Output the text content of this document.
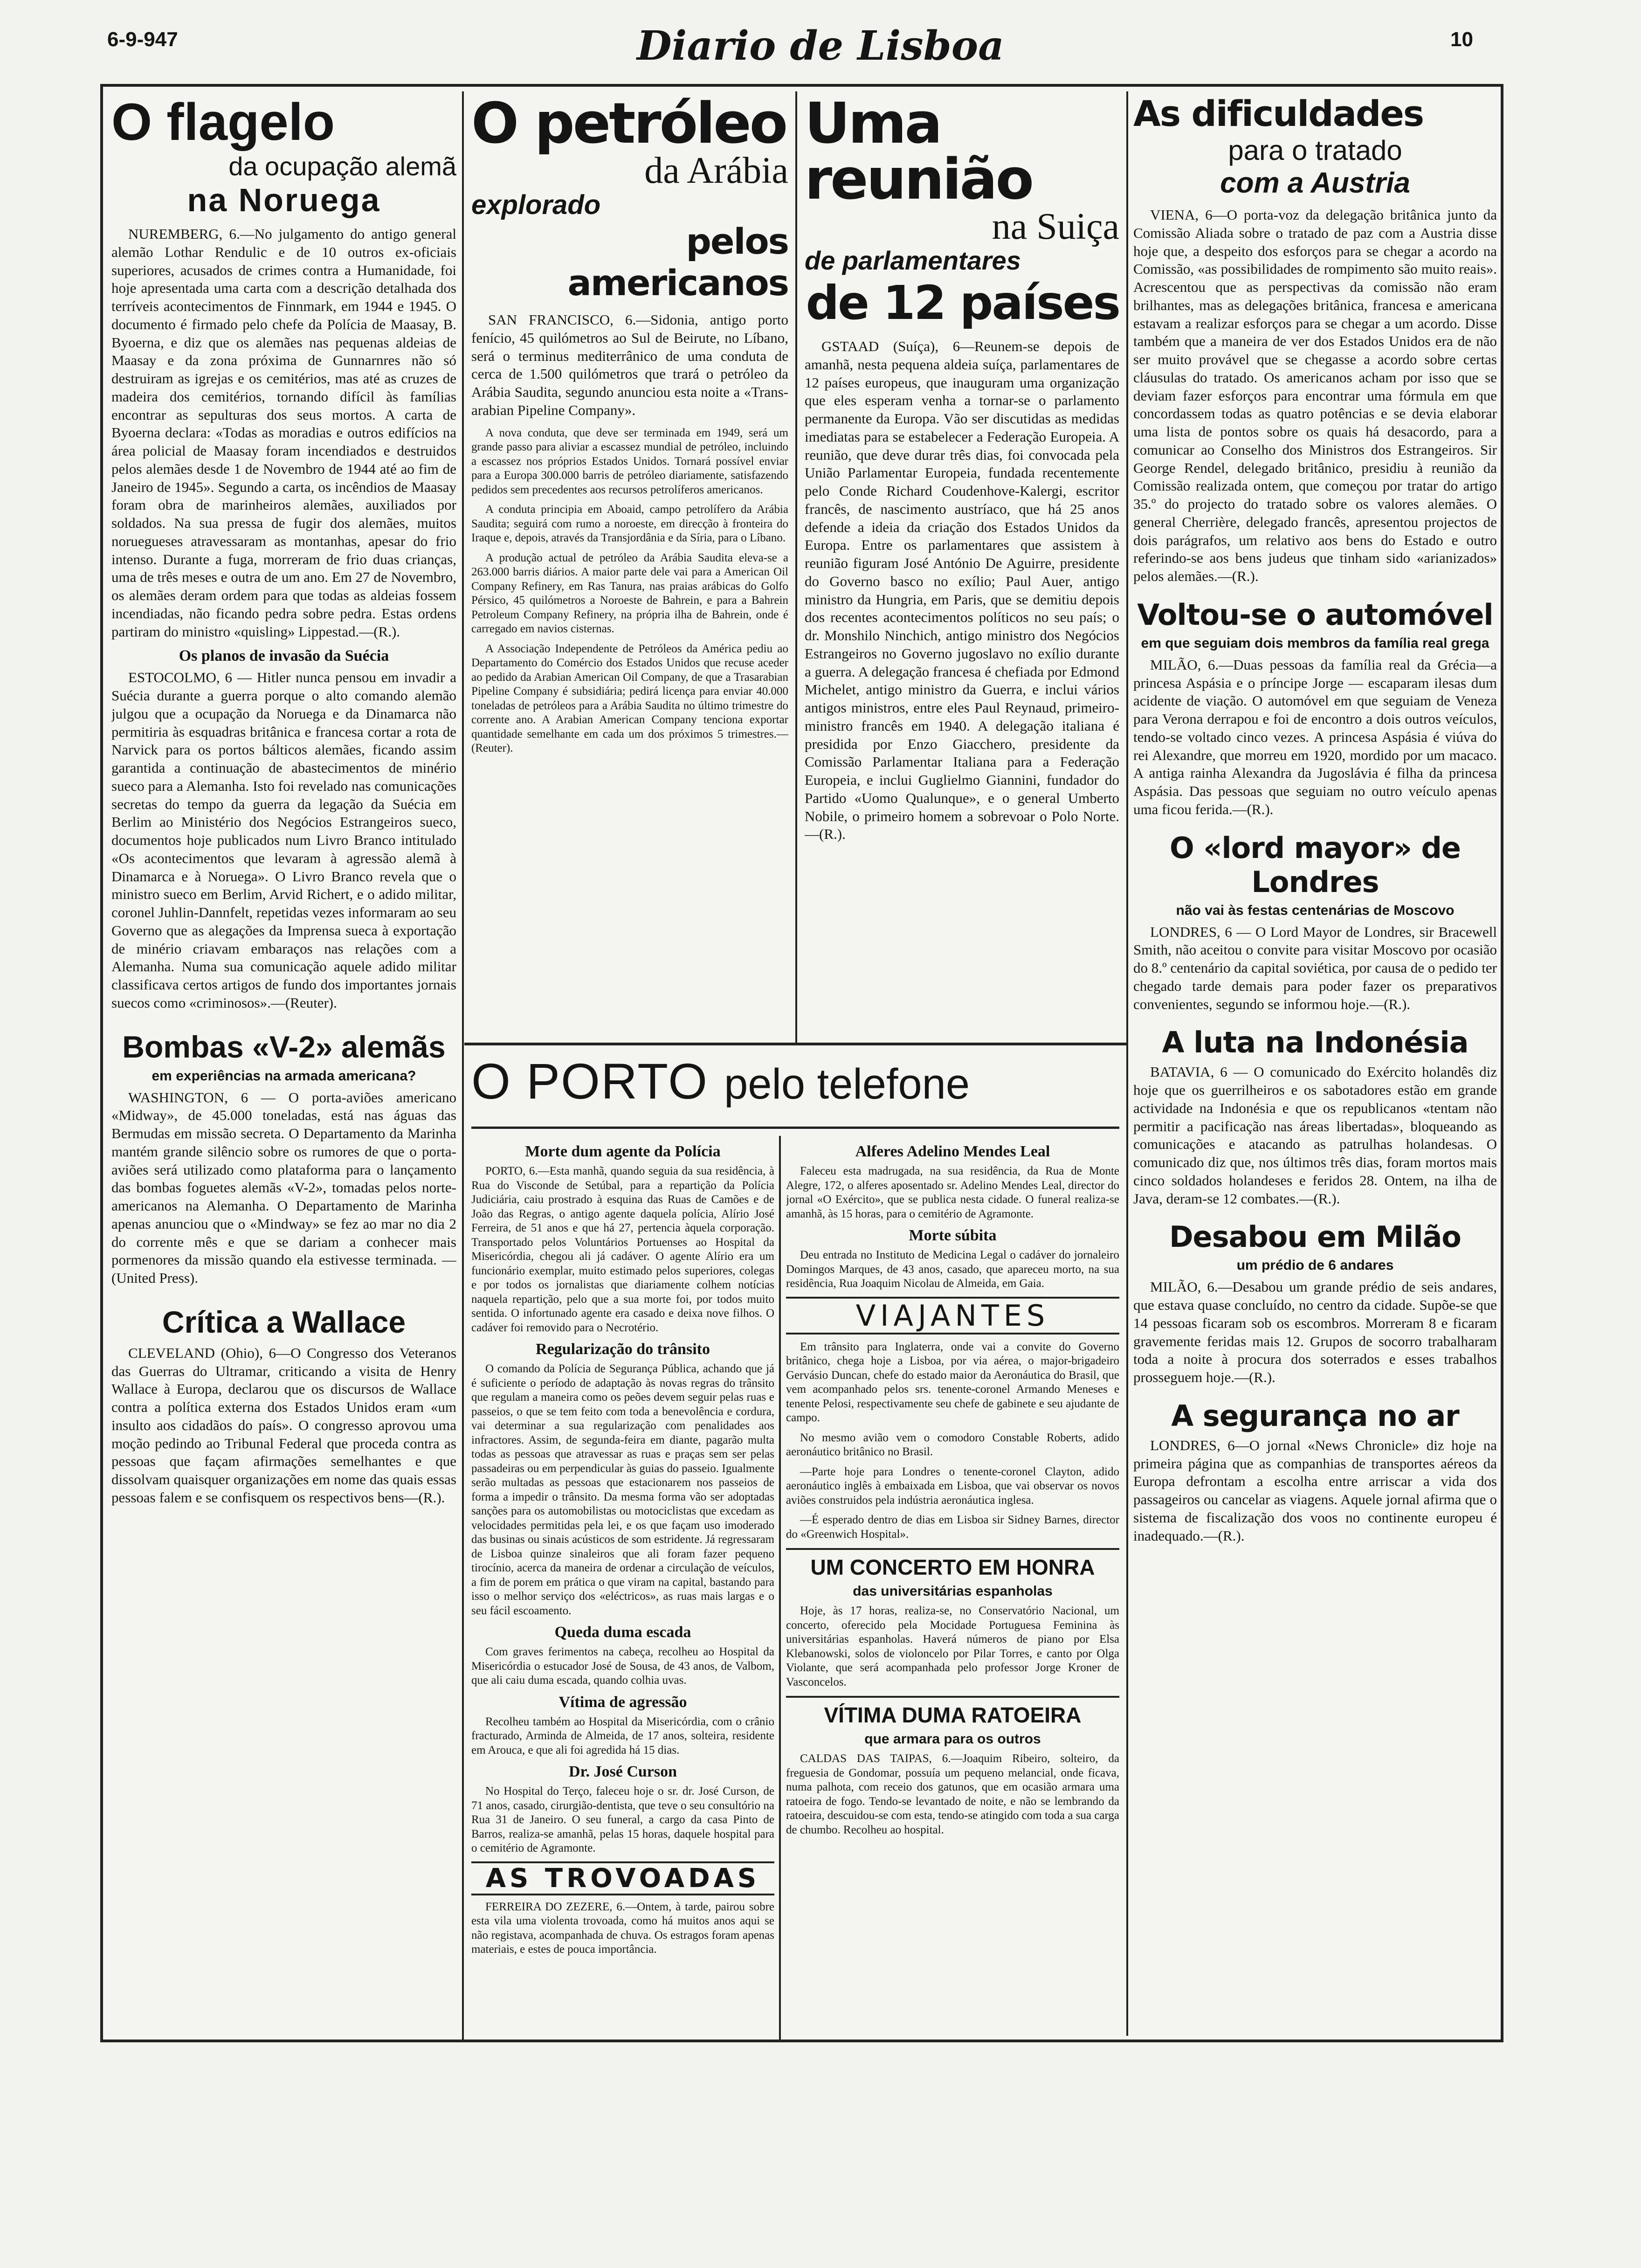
6-9-947	Diario de Lisboa	10
O flagelo
da ocupação alemã
na Noruega

NUREMBERG, 6.—No julgamento do antigo general alemão Lothar Rendulic e de 10 outros ex-oficiais superiores, acusados de crimes contra a Humanidade, foi hoje apresentada uma carta com a descrição detalhada dos terríveis acontecimentos de Finnmark, em 1944 e 1945. O documento é firmado pelo chefe da Polícia de Maasay, B. Byoerna, e diz que os alemães nas pequenas aldeias de Maasay e da zona próxima de Gunnarnres não só destruiram as igrejas e os cemitérios, mas até as cruzes de madeira dos cemitérios, tornando difícil às famílias encontrar as sepulturas dos seus mortos. A carta de Byoerna declara: «Todas as moradias e outros edifícios na área policial de Maasay foram incendiados e destruidos pelos alemães desde 1 de Novembro de 1944 até ao fim de Janeiro de 1945». Segundo a carta, os incêndios de Maasay foram obra de marinheiros alemães, auxiliados por soldados. Na sua pressa de fugir dos alemães, muitos noruegueses atravessaram as montanhas, apesar do frio intenso. Durante a fuga, morreram de frio duas crianças, uma de três meses e outra de um ano. Em 27 de Novembro, os alemães deram ordem para que todas as aldeias fossem incendiadas, não ficando pedra sobre pedra. Estas ordens partiram do ministro «quisling» Lippestad.—(R.).

Os planos de invasão da Suécia

ESTOCOLMO, 6 — Hitler nunca pensou em invadir a Suécia durante a guerra porque o alto comando alemão julgou que a ocupação da Noruega e da Dinamarca não permitiria às esquadras britânica e francesa cortar a rota de Narvick para os portos bálticos alemães, ficando assim garantida a continuação de abastecimentos de minério sueco para a Alemanha. Isto foi revelado nas comunicações secretas do tempo da guerra da legação da Suécia em Berlim ao Ministério dos Negócios Estrangeiros sueco, documentos hoje publicados num Livro Branco intitulado «Os acontecimentos que levaram à agressão alemã à Dinamarca e à Noruega». O Livro Branco revela que o ministro sueco em Berlim, Arvid Richert, e o adido militar, coronel Juhlin-Dannfelt, repetidas vezes informaram ao seu Governo que as alegações da Imprensa sueca à exportação de minério criavam embaraços nas relações com a Alemanha. Numa sua comunicação aquele adido militar classificava certos artigos de fundo dos importantes jornais suecos como «criminosos».—(Reuter).

Bombas «V-2» alemãs
em experiências na armada americana?

WASHINGTON, 6 — O porta-aviões americano «Midway», de 45.000 toneladas, está nas águas das Bermudas em missão secreta. O Departamento da Marinha mantém grande silêncio sobre os rumores de que o porta-aviões será utilizado como plataforma para o lançamento das bombas foguetes alemãs «V-2», tomadas pelos norte-americanos na Alemanha. O Departamento de Marinha apenas anunciou que o «Mindway» se fez ao mar no dia 2 do corrente mês e que se dariam a conhecer mais pormenores da missão quando ela estivesse terminada. — (United Press).

Crítica a Wallace

CLEVELAND (Ohio), 6—O Congresso dos Veteranos das Guerras do Ultramar, criticando a visita de Henry Wallace à Europa, declarou que os discursos de Wallace contra a política externa dos Estados Unidos eram «um insulto aos cidadãos do país». O congresso aprovou uma moção pedindo ao Tribunal Federal que proceda contra as pessoas que façam afirmações semelhantes e que dissolvam quaisquer organizações em nome das quais essas pessoas falem e se confisquem os respectivos bens—(R.).

O petróleo
da Arábia
explorado
pelos americanos

SAN FRANCISCO, 6.—Sidonia, antigo porto fenício, 45 quilómetros ao Sul de Beirute, no Líbano, será o terminus mediterrânico de uma conduta de cerca de 1.500 quilómetros que trará o petróleo da Arábia Saudita, segundo anunciou esta noite a «Trans-arabian Pipeline Company».

A nova conduta, que deve ser terminada em 1949, será um grande passo para aliviar a escassez mundial de petróleo, incluindo a escassez nos próprios Estados Unidos. Tornará possível enviar para a Europa 300.000 barris de petróleo diariamente, satisfazendo pedidos sem precedentes aos recursos petrolíferos americanos.

A conduta principia em Aboaid, campo petrolífero da Arábia Saudita; seguirá com rumo a noroeste, em direcção à fronteira do Iraque e, depois, através da Transjordânia e da Síria, para o Líbano.

A produção actual de petróleo da Arábia Saudita eleva-se a 263.000 barris diários. A maior parte dele vai para a American Oil Company Refinery, em Ras Tanura, nas praias arábicas do Golfo Pérsico, 45 quilómetros a Noroeste de Bahrein, e para a Bahrein Petroleum Company Refinery, na própria ilha de Bahrein, onde é carregado em navios cisternas.

A Associação Independente de Petróleos da América pediu ao Departamento do Comércio dos Estados Unidos que recuse aceder ao pedido da Arabian American Oil Company, de que a Trasarabian Pipeline Company é subsidiária; pedirá licença para enviar 40.000 toneladas de petróleos para a Arábia Saudita no último trimestre do corrente ano. A Arabian American Company tenciona exportar quantidade semelhante em cada um dos próximos 5 trimestres.—(Reuter).

Uma reunião
na Suiça
de parlamentares
de 12 países

GSTAAD (Suíça), 6—Reunem-se depois de amanhã, nesta pequena aldeia suíça, parlamentares de 12 países europeus, que inauguram uma organização que eles esperam venha a tornar-se o parlamento permanente da Europa. Vão ser discutidas as medidas imediatas para se estabelecer a Federação Europeia. A reunião, que deve durar três dias, foi convocada pela União Parlamentar Europeia, fundada recentemente pelo Conde Richard Coudenhove-Kalergi, escritor francês, de nascimento austríaco, que há 25 anos defende a ideia da criação dos Estados Unidos da Europa. Entre os parlamentares que assistem à reunião figuram José António De Aguirre, presidente do Governo basco no exílio; Paul Auer, antigo ministro da Hungria, em Paris, que se demitiu depois dos recentes acontecimentos políticos no seu país; o dr. Monshilo Ninchich, antigo ministro dos Negócios Estrangeiros no Governo jugoslavo no exílio durante a guerra. A delegação francesa é chefiada por Edmond Michelet, antigo ministro da Guerra, e inclui vários antigos ministros, entre eles Paul Reynaud, primeiro-ministro francês em 1940. A delegação italiana é presidida por Enzo Giacchero, presidente da Comissão Parlamentar Italiana para a Federação Europeia, e inclui Guglielmo Giannini, fundador do Partido «Uomo Qualunque», e o general Umberto Nobile, o primeiro homem a sobrevoar o Polo Norte.—(R.).

As dificuldades
para o tratado
com a Austria

VIENA, 6—O porta-voz da delegação britânica junto da Comissão Aliada sobre o tratado de paz com a Austria disse hoje que, a despeito dos esforços para se chegar a acordo na Comissão, «as possibilidades de rompimento são muito reais». Acrescentou que as perspectivas da comissão não eram brilhantes, mas as delegações britânica, francesa e americana estavam a realizar esforços para se chegar a um acordo. Disse também que a maneira de ver dos Estados Unidos era de não ser muito provável que se chegasse a acordo sobre certas cláusulas do tratado. Os americanos acham por isso que se deviam fazer esforços para encontrar uma fórmula em que concordassem todas as quatro potências e se devia elaborar uma lista de pontos sobre os quais há desacordo, para a comunicar ao Conselho dos Ministros dos Estrangeiros. Sir George Rendel, delegado britânico, presidiu à reunião da Comissão realizada ontem, que começou por tratar do artigo 35.º do projecto do tratado sobre os valores alemães. O general Cherrière, delegado francês, apresentou projectos de dois parágrafos, um relativo aos bens do Estado e outro referindo-se aos bens judeus que tinham sido «arianizados» pelos alemães.—(R.).

Voltou-se o automóvel
em que seguiam dois membros da família real grega

MILÃO, 6.—Duas pessoas da família real da Grécia—a princesa Aspásia e o príncipe Jorge — escaparam ilesas dum acidente de viação. O automóvel em que seguiam de Veneza para Verona derrapou e foi de encontro a dois outros veículos, tendo-se voltado cinco vezes. A princesa Aspásia é viúva do rei Alexandre, que morreu em 1920, mordido por um macaco. A antiga rainha Alexandra da Jugoslávia é filha da princesa Aspásia. Das pessoas que seguiam no outro veículo apenas uma ficou ferida.—(R.).

O «lord mayor» de Londres
não vai às festas centenárias de Moscovo

LONDRES, 6 — O Lord Mayor de Londres, sir Bracewell Smith, não aceitou o convite para visitar Moscovo por ocasião do 8.º centenário da capital soviética, por causa de o pedido ter chegado tarde demais para poder fazer os preparativos convenientes, segundo se informou hoje.—(R.).

A luta na Indonésia

BATAVIA, 6 — O comunicado do Exército holandês diz hoje que os guerrilheiros e os sabotadores estão em grande actividade na Indonésia e que os republicanos «tentam não permitir a pacificação nas áreas libertadas», bloqueando as comunicações e atacando as patrulhas holandesas. O comunicado diz que, nos últimos três dias, foram mortos mais cinco soldados holandeses e feridos 28. Ontem, na ilha de Java, deram-se 12 combates.—(R.).

Desabou em Milão
um prédio de 6 andares

MILÃO, 6.—Desabou um grande prédio de seis andares, que estava quase concluído, no centro da cidade. Supõe-se que 14 pessoas ficaram sob os escombros. Morreram 8 e ficaram gravemente feridas mais 12. Grupos de socorro trabalharam toda a noite à procura dos soterrados e esses trabalhos prosseguem hoje.—(R.).

A segurança no ar

LONDRES, 6—O jornal «News Chronicle» diz hoje na primeira página que as companhias de transportes aéreos da Europa defrontam a escolha entre arriscar a vida dos passageiros ou cancelar as viagens. Aquele jornal afirma que o sistema de fiscalização dos voos no continente europeu é inadequado.—(R.).

O PORTO pelo telefone
Morte dum agente da Polícia

PORTO, 6.—Esta manhã, quando seguia da sua residência, à Rua do Visconde de Setúbal, para a repartição da Polícia Judiciária, caiu prostrado à esquina das Ruas de Camões e de João das Regras, o antigo agente daquela polícia, Alírio José Ferreira, de 51 anos e que há 27, pertencia àquela corporação. Transportado pelos Voluntários Portuenses ao Hospital da Misericórdia, chegou ali já cadáver. O agente Alírio era um funcionário exemplar, muito estimado pelos superiores, colegas e por todos os jornalistas que diariamente colhem notícias naquela repartição, pelo que a sua morte foi, por todos muito sentida. O infortunado agente era casado e deixa nove filhos. O cadáver foi removido para o Necrotério.

Regularização do trânsito

O comando da Polícia de Segurança Pública, achando que já é suficiente o período de adaptação às novas regras do trânsito que regulam a maneira como os peões devem seguir pelas ruas e passeios, o que se tem feito com toda a benevolência e cordura, vai determinar a sua regularização com penalidades aos infractores. Assim, de segunda-feira em diante, pagarão multa todas as pessoas que atravessar as ruas e praças sem ser pelas passadeiras ou em perpendicular às guias do passeio. Igualmente serão multadas as pessoas que estacionarem nos passeios de forma a impedir o trânsito. Da mesma forma vão ser adoptadas sanções para os automobilistas ou motociclistas que excedam as velocidades permitidas pela lei, e os que façam uso imoderado das businas ou sinais acústicos de som estridente. Já regressaram de Lisboa quinze sinaleiros que ali foram fazer pequeno tirocínio, acerca da maneira de ordenar a circulação de veículos, a fim de porem em prática o que viram na capital, bastando para isso o melhor serviço dos «eléctricos», as ruas mais largas e o seu fácil escoamento.

Queda duma escada

Com graves ferimentos na cabeça, recolheu ao Hospital da Misericórdia o estucador José de Sousa, de 43 anos, de Valbom, que ali caiu duma escada, quando colhia uvas.

Vítima de agressão

Recolheu também ao Hospital da Misericórdia, com o crânio fracturado, Arminda de Almeida, de 17 anos, solteira, residente em Arouca, e que ali foi agredida há 15 dias.

Dr. José Curson

No Hospital do Terço, faleceu hoje o sr. dr. José Curson, de 71 anos, casado, cirurgião-dentista, que teve o seu consultório na Rua 31 de Janeiro. O seu funeral, a cargo da casa Pinto de Barros, realiza-se amanhã, pelas 15 horas, daquele hospital para o cemitério de Agramonte.

AS TROVOADAS

FERREIRA DO ZEZERE, 6.—Ontem, à tarde, pairou sobre esta vila uma violenta trovoada, como há muitos anos aqui se não registava, acompanhada de chuva. Os estragos foram apenas materiais, e estes de pouca importância.

Alferes Adelino Mendes Leal

Faleceu esta madrugada, na sua residência, da Rua de Monte Alegre, 172, o alferes aposentado sr. Adelino Mendes Leal, director do jornal «O Exército», que se publica nesta cidade. O funeral realiza-se amanhã, às 15 horas, para o cemitério de Agramonte.

Morte súbita

Deu entrada no Instituto de Medicina Legal o cadáver do jornaleiro Domingos Marques, de 43 anos, casado, que apareceu morto, na sua residência, Rua Joaquim Nicolau de Almeida, em Gaia.

VIAJANTES

Em trânsito para Inglaterra, onde vai a convite do Governo britânico, chega hoje a Lisboa, por via aérea, o major-brigadeiro Gervásio Duncan, chefe do estado maior da Aeronáutica do Brasil, que vem acompanhado pelos srs. tenente-coronel Armando Meneses e tenente Pelosi, respectivamente seu chefe de gabinete e seu ajudante de campo.

No mesmo avião vem o comodoro Constable Roberts, adido aeronáutico britânico no Brasil.

—Parte hoje para Londres o tenente-coronel Clayton, adido aeronáutico inglês à embaixada em Lisboa, que vai observar os novos aviões construidos pela indústria aeronáutica inglesa.

—É esperado dentro de dias em Lisboa sir Sidney Barnes, director do «Greenwich Hospital».

UM CONCERTO EM HONRA
das universitárias espanholas

Hoje, às 17 horas, realiza-se, no Conservatório Nacional, um concerto, oferecido pela Mocidade Portuguesa Feminina às universitárias espanholas. Haverá números de piano por Elsa Klebanowski, solos de violoncelo por Pilar Torres, e canto por Olga Violante, que será acompanhada pelo professor Jorge Kroner de Vasconcelos.

VÍTIMA DUMA RATOEIRA
que armara para os outros

CALDAS DAS TAIPAS, 6.—Joaquim Ribeiro, solteiro, da freguesia de Gondomar, possuía um pequeno melancial, onde ficava, numa palhota, com receio dos gatunos, que em ocasião armara uma ratoeira de fogo. Tendo-se levantado de noite, e não se lembrando da ratoeira, descuidou-se com esta, tendo-se atingido com toda a sua carga de chumbo. Recolheu ao hospital.
